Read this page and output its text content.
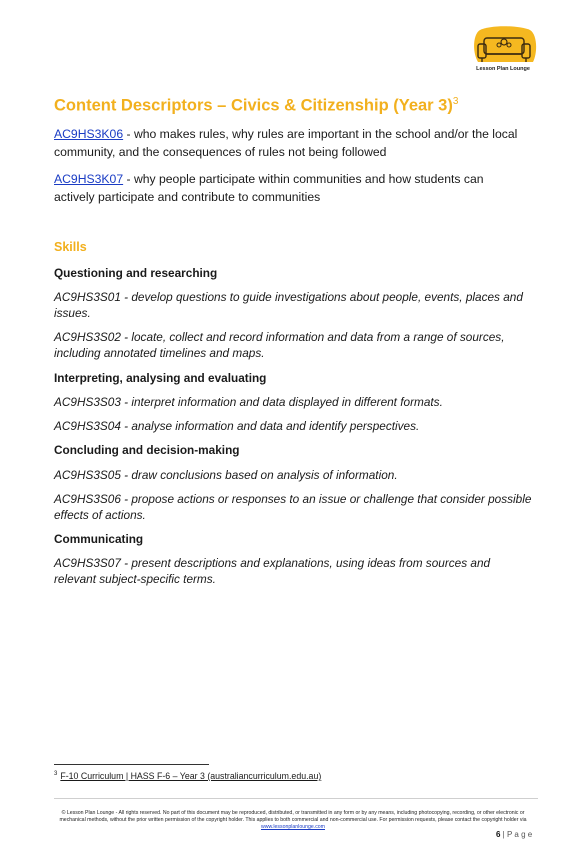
Lesson Plan Lounge
Content Descriptors – Civics & Citizenship (Year 3)$^3$

AC9HS3K06 - who makes rules, why rules are important in the school and/or the local community, and the consequences of rules not being followed

AC9HS3K07 - why people participate within communities and how students can actively participate and contribute to communities

Skills
Questioning and researching

AC9HS3S01 - develop questions to guide investigations about people, events, places and issues.

AC9HS3S02 - locate, collect and record information and data from a range of sources, including annotated timelines and maps.

Interpreting, analysing and evaluating

AC9HS3S03 - interpret information and data displayed in different formats.

AC9HS3S04 - analyse information and data and identify perspectives.

Concluding and decision-making

AC9HS3S05 - draw conclusions based on analysis of information.

AC9HS3S06 - propose actions or responses to an issue or challenge that consider possible effects of actions.

Communicating

AC9HS3S07 - present descriptions and explanations, using ideas from sources and relevant subject-specific terms.

$^3$ F-10 Curriculum | HASS F-6 – Year 3 (australiancurriculum.edu.au)

© Lesson Plan Lounge - All rights reserved. No part of this document may be reproduced, distributed, or transmitted in any form or by any means, including photocopying, recording, or other electronic or mechanical methods, without the prior written permission of the copyright holder. This applies to both commercial and non-commercial use. For permission requests, please contact the copyright holder via
www.lessonplanlounge.com

6 | P a g e
